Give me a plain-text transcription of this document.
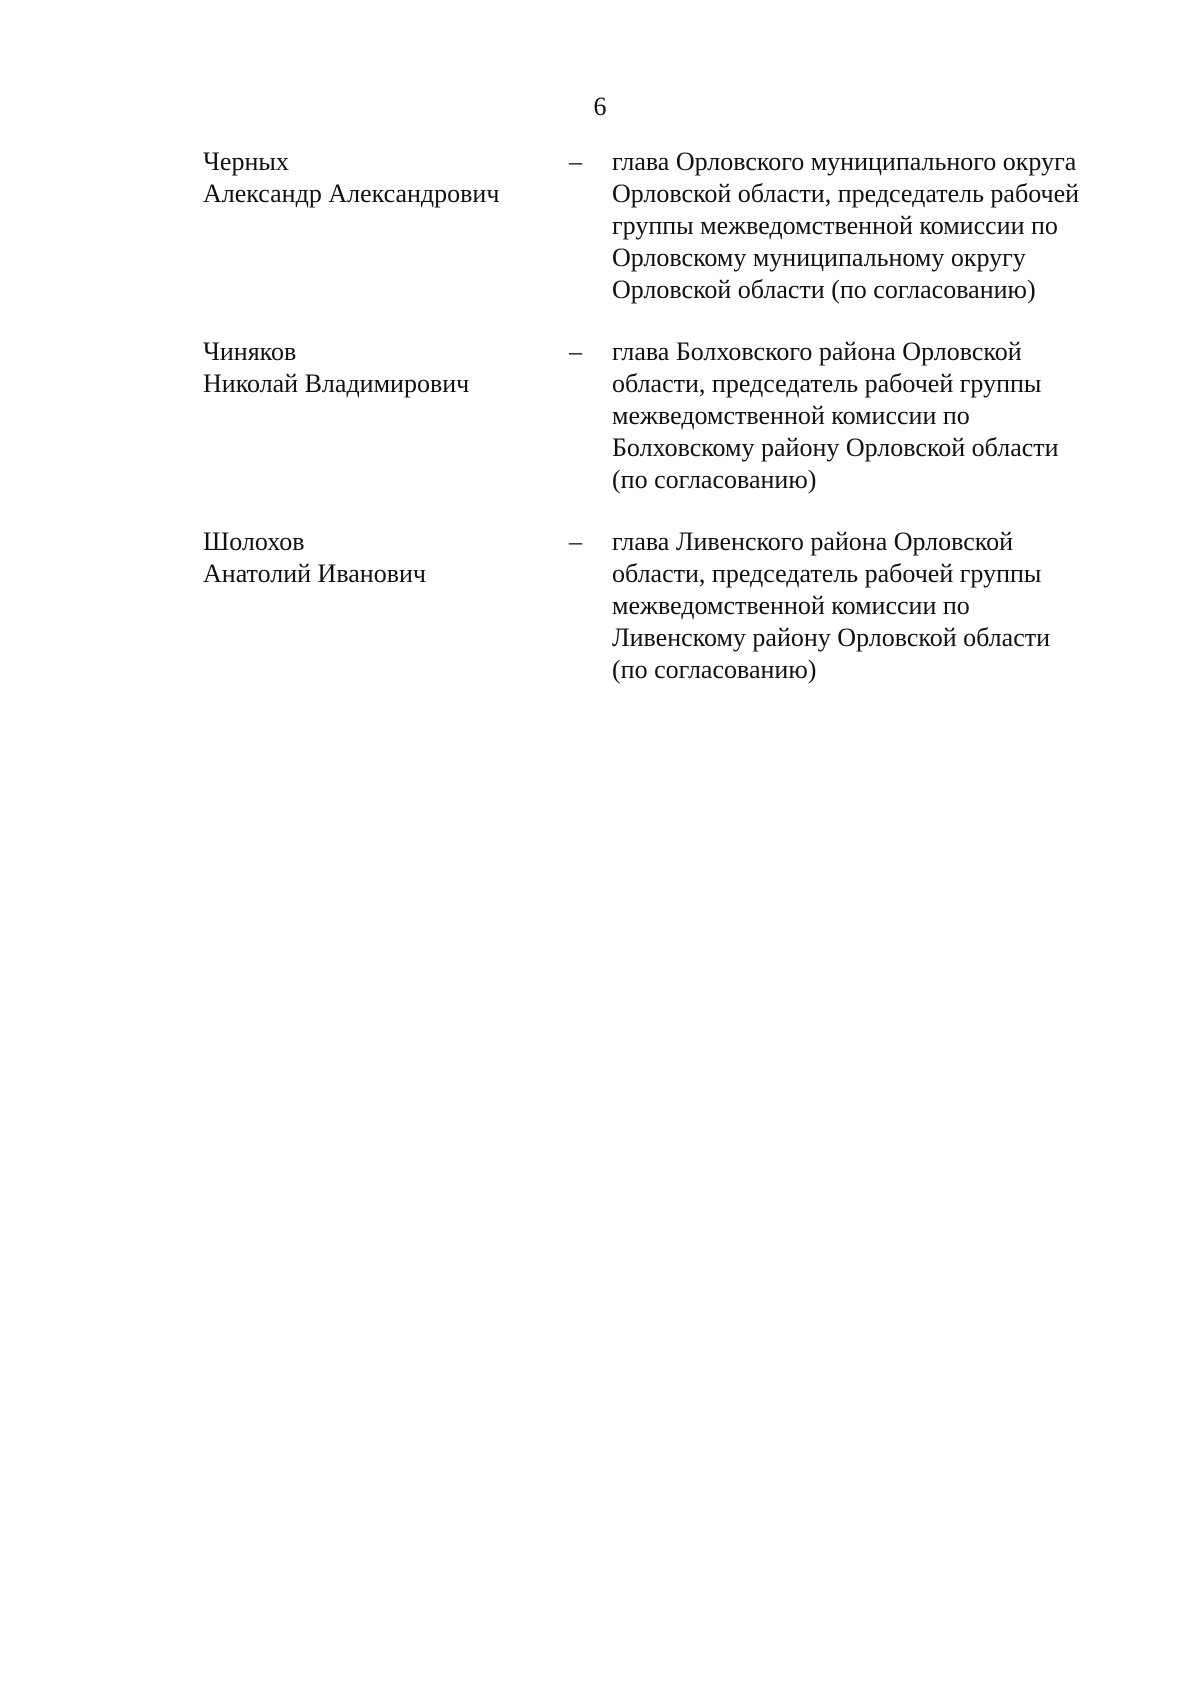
6
Черных
Александр Александрович
– глава Орловского муниципального округа
Орловской области, председатель рабочей
группы межведомственной комиссии по
Орловскому муниципальному округу
Орловской области (по согласованию)
Чиняков
Николай Владимирович
– глава Болховского района Орловской
области, председатель рабочей группы
межведомственной комиссии по
Болховскому району Орловской области
(по согласованию)
Шолохов
Анатолий Иванович
– глава Ливенского района Орловской
области, председатель рабочей группы
межведомственной комиссии по
Ливенскому району Орловской области
(по согласованию)
